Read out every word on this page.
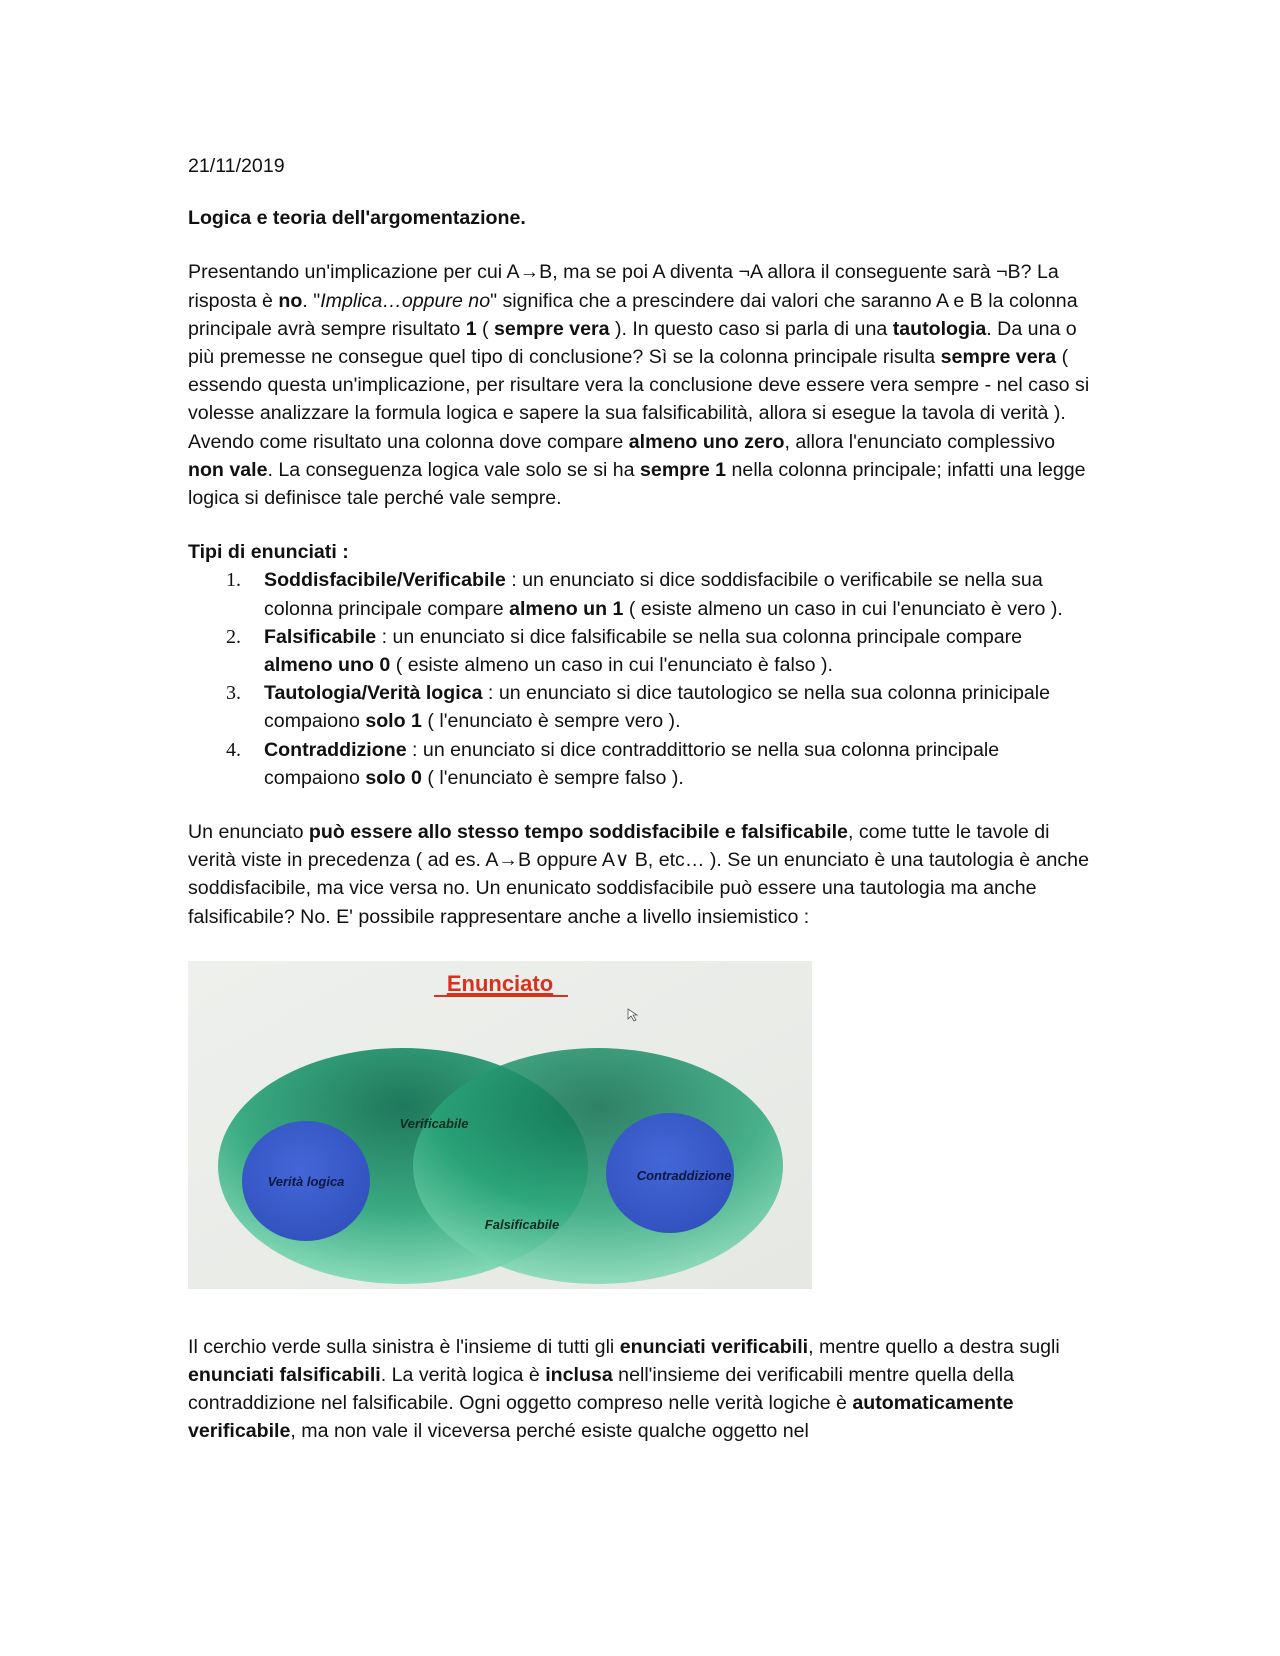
21/11/2019

Logica e teoria dell'argomentazione.

Presentando un'implicazione per cui A→B, ma se poi A diventa ¬A allora il conseguente sarà ¬B? La risposta è no. "Implica…oppure no" significa che a prescindere dai valori che saranno A e B la colonna principale avrà sempre risultato 1 ( sempre vera ). In questo caso si parla di una tautologia. Da una o più premesse ne consegue quel tipo di conclusione? Sì se la colonna principale risulta sempre vera ( essendo questa un'implicazione, per risultare vera la conclusione deve essere vera sempre - nel caso si volesse analizzare la formula logica e sapere la sua falsificabilità, allora si esegue la tavola di verità ). Avendo come risultato una colonna dove compare almeno uno zero, allora l'enunciato complessivo non vale. La conseguenza logica vale solo se si ha sempre 1 nella colonna principale; infatti una legge logica si definisce tale perché vale sempre.

Tipi di enunciati :

1. Soddisfacibile/Verificabile : un enunciato si dice soddisfacibile o verificabile se nella sua colonna principale compare almeno un 1 ( esiste almeno un caso in cui l'enunciato è vero ).
2. Falsificabile : un enunciato si dice falsificabile se nella sua colonna principale compare almeno uno 0 ( esiste almeno un caso in cui l'enunciato è falso ).
3. Tautologia/Verità logica : un enunciato si dice tautologico se nella sua colonna prinicipale compaiono solo 1 ( l'enunciato è sempre vero ).
4. Contraddizione : un enunciato si dice contraddittorio se nella sua colonna principale compaiono solo 0 ( l'enunciato è sempre falso ).

Un enunciato può essere allo stesso tempo soddisfacibile e falsificabile, come tutte le tavole di verità viste in precedenza ( ad es. A→B oppure A∨ B, etc… ). Se un enunciato è una tautologia è anche soddisfacibile, ma vice versa no. Un enunicato soddisfacibile può essere una tautologia ma anche falsificabile? No. E' possibile rappresentare anche a livello insiemistico :

Enunciato
Verificabile
Verità logica	Contraddizione
Falsificabile

Il cerchio verde sulla sinistra è l'insieme di tutti gli enunciati verificabili, mentre quello a destra sugli enunciati falsificabili. La verità logica è inclusa nell'insieme dei verificabili mentre quella della contraddizione nel falsificabile. Ogni oggetto compreso nelle verità logiche è automaticamente verificabile, ma non vale il viceversa perché esiste qualche oggetto nel
